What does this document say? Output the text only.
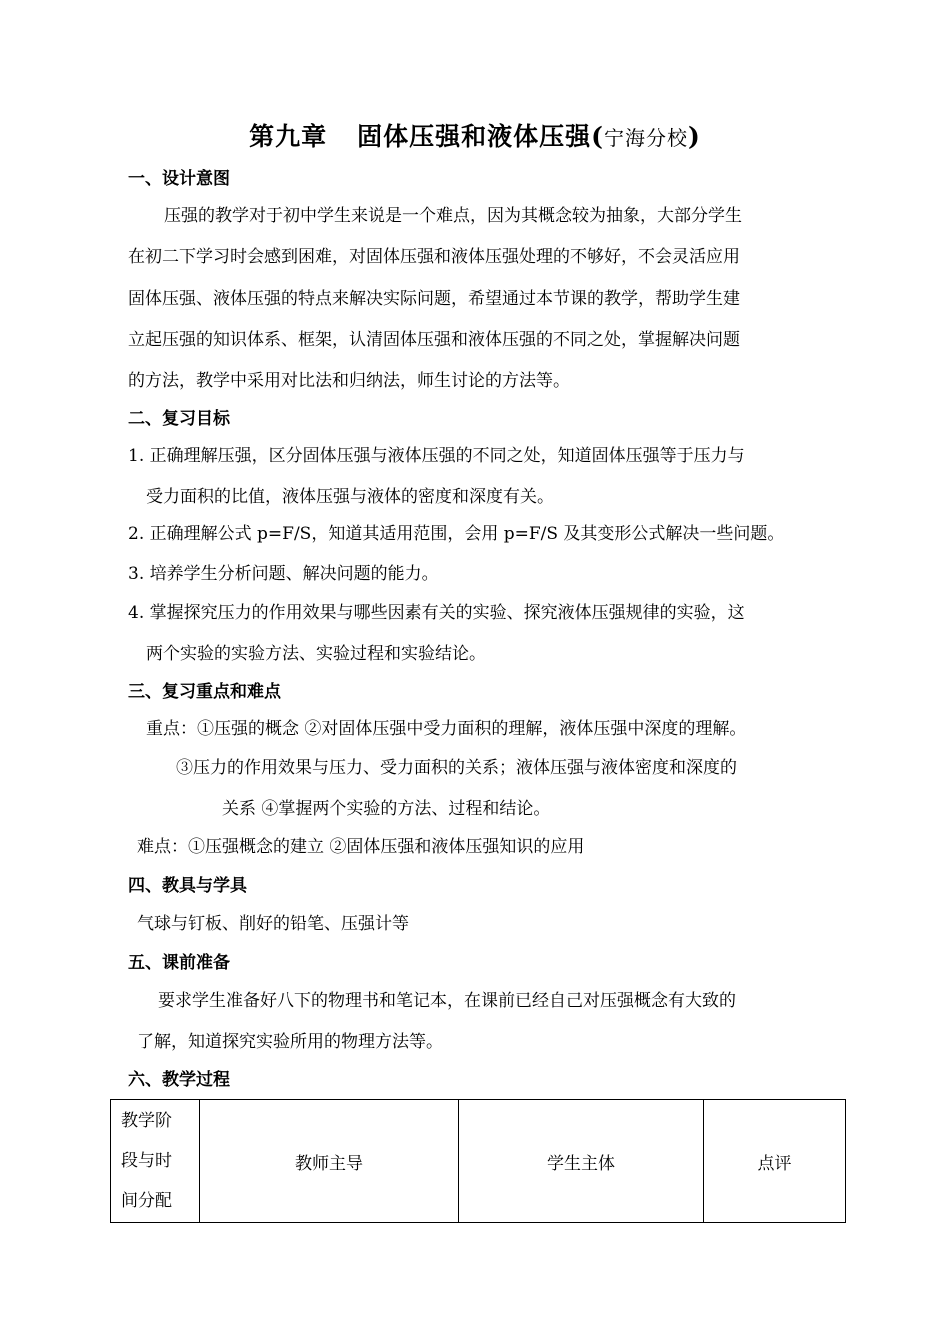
第九章 固体压强和液体压强(宁海分校)
一、设计意图
压强的教学对于初中学生来说是一个难点，因为其概念较为抽象，大部分学生
在初二下学习时会感到困难，对固体压强和液体压强处理的不够好，不会灵活应用
固体压强、液体压强的特点来解决实际问题，希望通过本节课的教学，帮助学生建
立起压强的知识体系、框架，认清固体压强和液体压强的不同之处，掌握解决问题
的方法，教学中采用对比法和归纳法，师生讨论的方法等。
二、复习目标
1. 正确理解压强，区分固体压强与液体压强的不同之处，知道固体压强等于压力与
受力面积的比值，液体压强与液体的密度和深度有关。
2. 正确理解公式 p=F/S，知道其适用范围，会用 p=F/S 及其变形公式解决一些问题。
3. 培养学生分析问题、解决问题的能力。
4. 掌握探究压力的作用效果与哪些因素有关的实验、探究液体压强规律的实验，这
两个实验的实验方法、实验过程和实验结论。
三、复习重点和难点
重点：①压强的概念 ②对固体压强中受力面积的理解，液体压强中深度的理解。
③压力的作用效果与压力、受力面积的关系；液体压强与液体密度和深度的
关系 ④掌握两个实验的方法、过程和结论。
难点：①压强概念的建立 ②固体压强和液体压强知识的应用
四、教具与学具
气球与钉板、削好的铅笔、压强计等
五、课前准备
要求学生准备好八下的物理书和笔记本，在课前已经自己对压强概念有大致的
了解，知道探究实验所用的物理方法等。
六、教学过程
教学阶
段与时
间分配
	教师主导	学生主体	点评
